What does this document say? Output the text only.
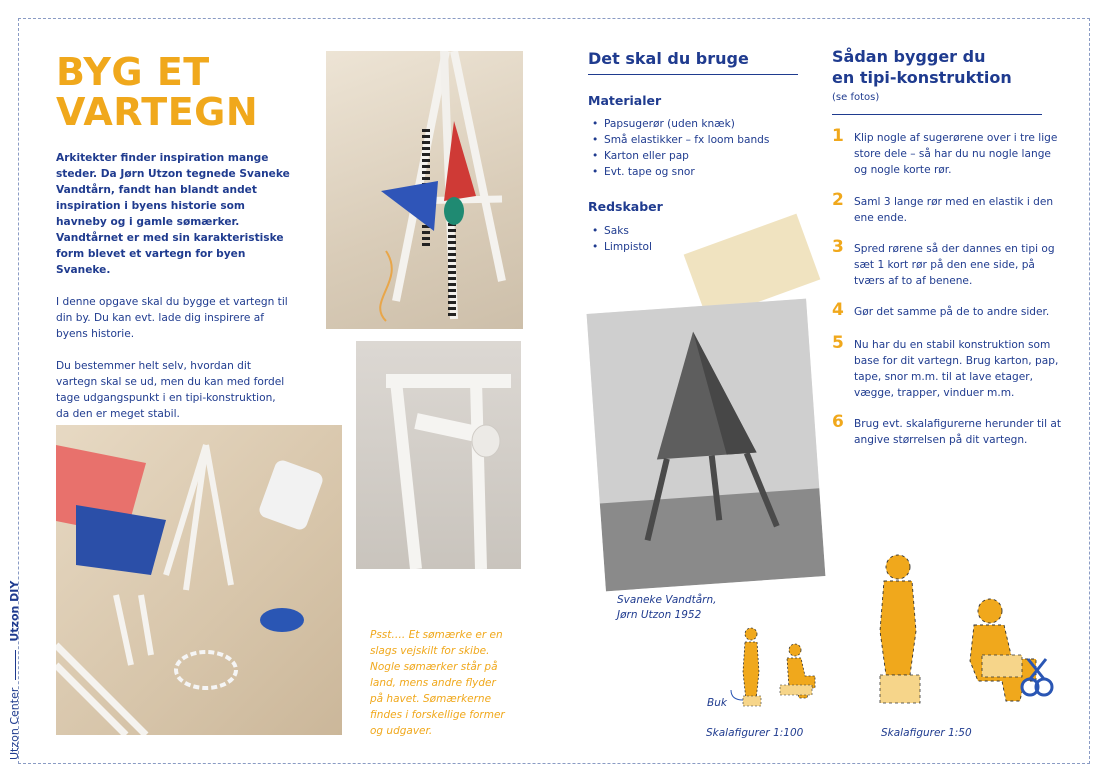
Utzon CenterUtzon DIY
BYG ET
VARTEGN

Arkitekter finder inspiration mange steder. Da Jørn Utzon tegnede Svaneke Vandtårn, fandt han blandt andet inspiration i byens historie som havneby og i gamle sømærker. Vandtårnet er med sin karakteristiske form blevet et vartegn for byen Svaneke.

I denne opgave skal du bygge et vartegn til din by. Du kan evt. lade dig inspirere af byens historie.

Du bestemmer helt selv, hvordan dit vartegn skal se ud, men du kan med fordel tage udgangspunkt i en tipi-konstruktion, da den er meget stabil.

Psst…. Et sømærke er en slags vejskilt for skibe. Nogle sømærker står på land, mens andre flyder på havet. Sømærkerne findes i forskellige former og udgaver.
Det skal du bruge
Materialer
• Papsugerør (uden knæk)
• Små elastikker – fx loom bands
• Karton eller pap
• Evt. tape og snor
Redskaber
• Saks
• Limpistol
Svaneke Vandtårn,
Jørn Utzon 1952
Sådan bygger du
en tipi-konstruktion
(se fotos)
1 Klip nogle af sugerørene over i tre lige store dele – så har du nu nogle lange og nogle korte rør.
2 Saml 3 lange rør med en elastik i den ene ende.
3 Spred rørene så der dannes en tipi og sæt 1 kort rør på den ene side, på tværs af to af benene.
4 Gør det samme på de to andre sider.
5 Nu har du en stabil konstruktion som base for dit vartegn. Brug karton, pap, tape, snor m.m. til at lave etager, vægge, trapper, vinduer m.m.
6 Brug evt. skalafigurerne herunder til at angive størrelsen på dit vartegn.
Buk
Skalafigurer 1:100	Skalafigurer 1:50
